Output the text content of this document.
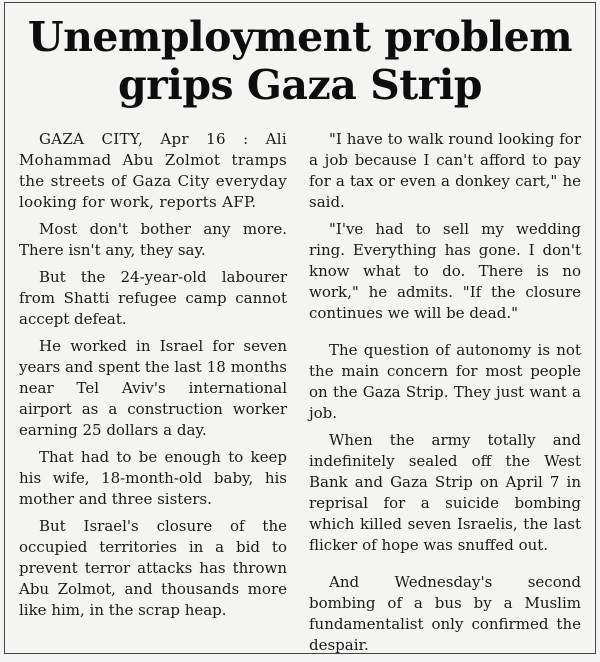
Unemployment problem
grips Gaza Strip

GAZA CITY, Apr 16 : Ali Mohammad Abu Zolmot tramps the streets of Gaza City everyday looking for work, reports AFP.

Most don't bother any more. There isn't any, they say.

But the 24-year-old labourer from Shatti refugee camp cannot accept defeat.

He worked in Israel for seven years and spent the last 18 months near Tel Aviv's international airport as a construction worker earning 25 dollars a day.

That had to be enough to keep his wife, 18-month-old baby, his mother and three sisters.

But Israel's closure of the occupied territories in a bid to prevent terror attacks has thrown Abu Zolmot, and thousands more like him, in the scrap heap.

"I have to walk round looking for a job because I can't afford to pay for a tax or even a donkey cart," he said.

"I've had to sell my wedding ring. Everything has gone. I don't know what to do. There is no work," he admits. "If the closure continues we will be dead."

The question of autonomy is not the main concern for most people on the Gaza Strip. They just want a job.

When the army totally and indefinitely sealed off the West Bank and Gaza Strip on April 7 in reprisal for a suicide bombing which killed seven Israelis, the last flicker of hope was snuffed out.

And Wednesday's second bombing of a bus by a Muslim fundamentalist only confirmed the despair.
